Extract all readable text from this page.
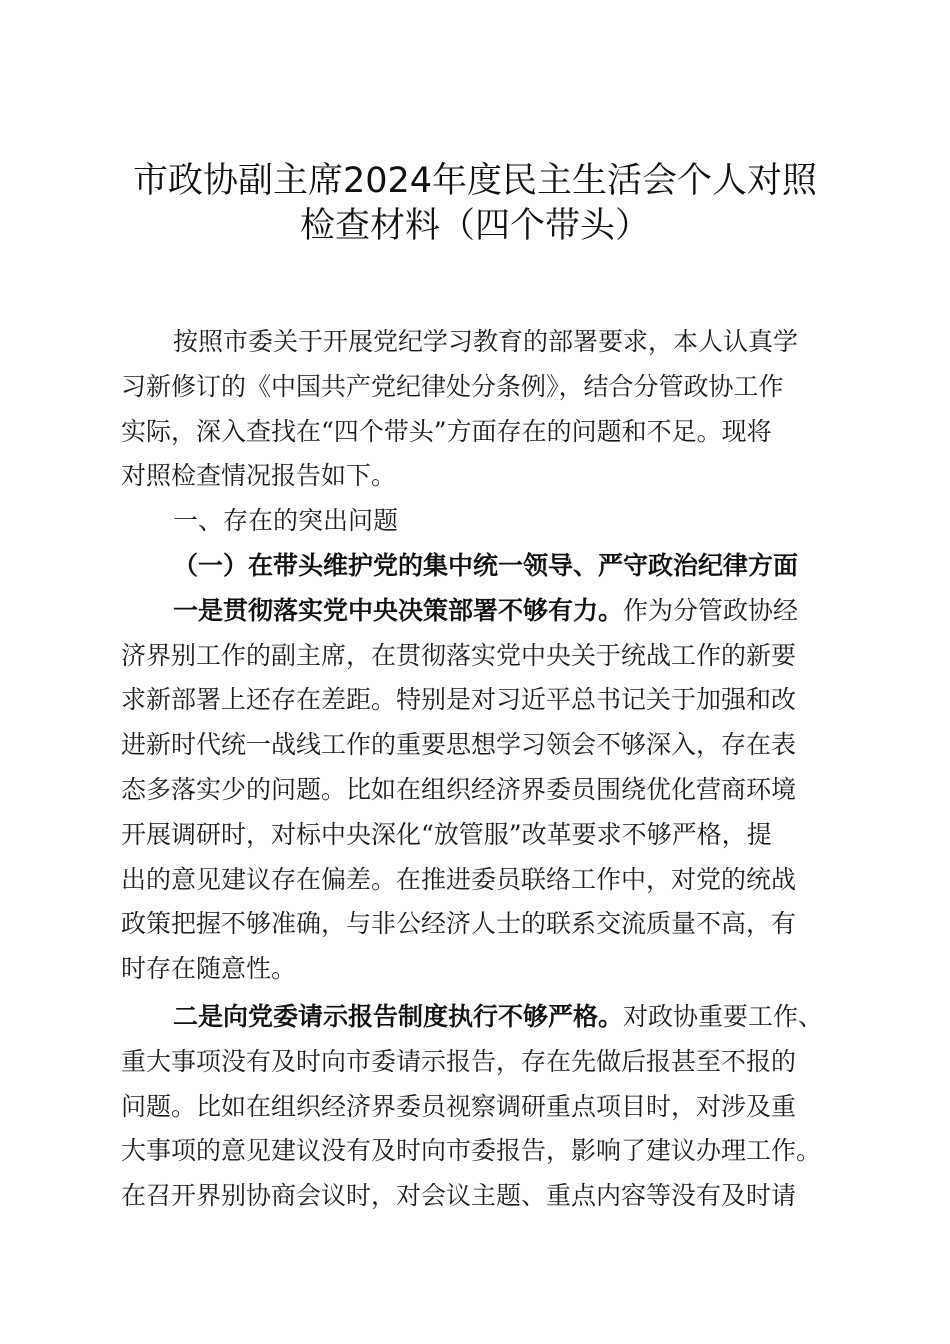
市政协副主席2024年度民主生活会个人对照
检查材料（四个带头）
按照市委关于开展党纪学习教育的部署要求，本人认真学
习新修订的《中国共产党纪律处分条例》，结合分管政协工作
实际，深入查找在“四个带头”方面存在的问题和不足。现将
对照检查情况报告如下。
一、存在的突出问题
（一）在带头维护党的集中统一领导、严守政治纪律方面
一是贯彻落实党中央决策部署不够有力。作为分管政协经
济界别工作的副主席，在贯彻落实党中央关于统战工作的新要
求新部署上还存在差距。特别是对习近平总书记关于加强和改
进新时代统一战线工作的重要思想学习领会不够深入，存在表
态多落实少的问题。比如在组织经济界委员围绕优化营商环境
开展调研时，对标中央深化“放管服”改革要求不够严格，提
出的意见建议存在偏差。在推进委员联络工作中，对党的统战
政策把握不够准确，与非公经济人士的联系交流质量不高，有
时存在随意性。
二是向党委请示报告制度执行不够严格。对政协重要工作、
重大事项没有及时向市委请示报告，存在先做后报甚至不报的
问题。比如在组织经济界委员视察调研重点项目时，对涉及重
大事项的意见建议没有及时向市委报告，影响了建议办理工作。
在召开界别协商会议时，对会议主题、重点内容等没有及时请
